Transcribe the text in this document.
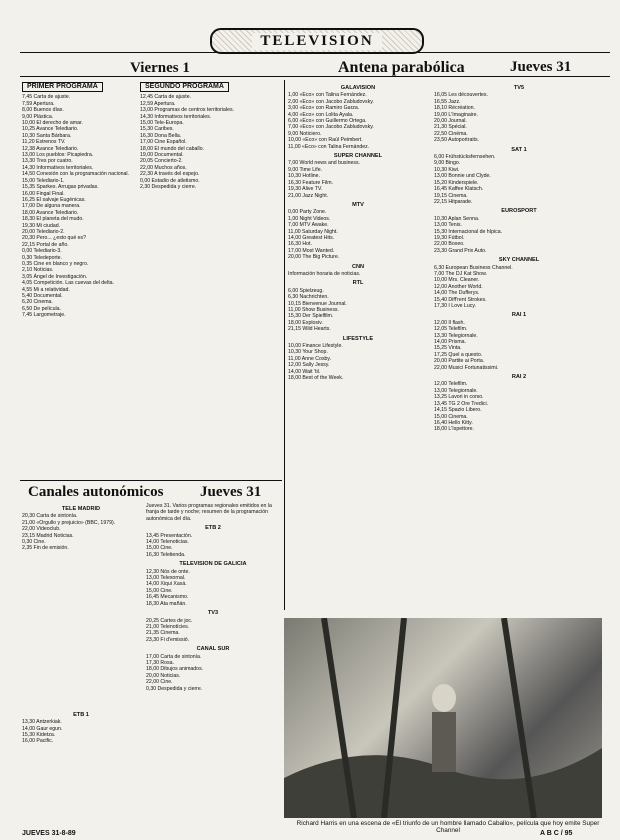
TELEVISION
Viernes 1	Antena parabólica	Jueves 31
PRIMER PROGRAMA

7,45 Carta de ajuste.

7,59 Apertura.

8,00 Buenos días.

9,00 Plástica.

10,00 El derecho de amar.

10,25 Avance Telediario.

10,30 Santa Bárbara.

11,20 Estrenos TV.

12,38 Avance Telediario.

13,00 Los pueblos: Picapiedra.

13,30 Tres por cuatro.

14,30 Informativos territoriales.

14,50 Conexión con la programación nacional.

15,00 Telediario-1.

15,35 Sparkes. Arrugas privadas.

16,00 Fingal Final.

16,25 El salvaje Eugénicas.

17,00 De alguna manera.

18,00 Avance Telediario.

18,30 El planeta del mudo.

19,30 Mi ciudad.

20,00 Telediario-2.

20,30 Pero... ¿esto qué es?

22,15 Portal de año.

0,00 Telediario-3.

0,30 Teledeporte.

0,35 Cine en blanco y negro.

2,10 Noticias.

3,05 Ángel de Investigación.

4,05 Competición. Las cuevas del delta.

4,55 Mi a relatividad.

5,40 Documental.

6,20 Cinema.

6,50 De película.

7,45 Largometraje.

SEGUNDO PROGRAMA

12,45 Carta de ajuste.

12,59 Apertura.

13,00 Programas de centros territoriales.

14,30 Informativos territoriales.

15,00 Tele-Europa.

15,30 Caribes.

16,30 Dona Bella.

17,00 Cine Español.

18,00 El mundo del caballo.

19,00 Documental.

20,05 Concierto-2.

22,00 Muchos años.

22,30 A través del espejo.

0,00 Estadio de atletismo.

2,30 Despedida y cierre.

Canales autonómicos Jueves 31
TELE MADRID

20,30 Carta de sintonía.

21,00 «Orgullo y prejuicio» (BBC, 1979).

22,00 Videoclub.

23,15 Madrid Noticias.

0,30 Cine.

2,35 Fin de emisión.

ETB 1

13,30 Antzerkiak.

14,00 Gaur egun.

15,30 Kidetza.

16,00 Pacific.

Jueves 31. Varios programas regionales emitidos en la franja de tarde y noche; resumen de la programación autonómica del día.

ETB 2

13,45 Presentación.

14,00 Telenoticias.

15,00 Cine.

16,30 Teletienda.

TELEVISION DE GALICIA

12,30 Nós de onte.

13,00 Telexornal.

14,00 Xiqui Xaxá.

15,00 Cine.

16,45 Mecanismo.

18,30 Ata mañán.

TV3

20,25 Cartes de joc.

21,00 Telenotícies.

21,35 Cinema.

23,30 Fi d'emissió.

CANAL SUR

17,00 Carta de sintonía.

17,30 Rosa.

18,00 Dibujos animados.

20,00 Noticias.

22,00 Cine.

0,30 Despedida y cierre.

GALAVISION

1,00 «Eco» con Talina Fernández.

2,00 «Eco» con Jacobo Zabludovsky.

3,00 «Eco» con Ramiro Garza.

4,00 «Eco» con Lolita Ayala.

6,00 «Eco» con Guillermo Ortega.

7,00 «Eco» con Jacobo Zabludovsky.

9,00 Noticiero.

10,00 «Eco» con Raúl Peimbert.

11,00 «Eco» con Talina Fernández.

SUPER CHANNEL

7,00 World news and business.

9,00 Time Life.

10,30 Hotline.

16,30 Feature Film.

19,30 Alive TV.

21,00 Jazz Night.

MTV

0,00 Party Zone.

1,00 Night Videos.

7,00 MTV Awake.

11,00 Saturday Night.

14,00 Greatest Hits.

16,30 Hot.

17,00 Most Wanted.

20,00 The Big Picture.

CNN

Información horaria de noticias.

RTL

6,00 Spielzeug.

6,30 Nachrichten.

10,15 Bienvenue Journal.

11,00 Show Business.

15,30 Der Spielfilm.

18,00 Explosiv.

21,15 Wild Hearts.

LIFESTYLE

10,00 Finance Lifestyle.

10,30 Your Shop.

11,00 Anne Cosby.

12,00 Sally Jessy.

14,00 Wait 'til.

18,00 Best of the Week.

TV5

16,05 Les découvertes.

16,55 Jazz.

18,10 Récréation.

19,00 L'Imaginaire.

20,00 Journal.

21,30 Spécial.

22,50 Cinéma.

23,50 Autoportraits.

SAT 1

6,00 Frühstücksfernsehen.

9,00 Bingo.

10,30 Kiwi.

13,00 Bonnie und Clyde.

15,20 Kinderspiele.

16,45 Kaffee Klatsch.

19,15 Cinema.

22,15 Hitparade.

EUROSPORT

10,30 Aplan Senna.

13,00 Tenis.

15,30 Internacional de hípica.

19,30 Fútbol.

22,00 Boxeo.

23,30 Grand Prix Auto.

SKY CHANNEL

6,30 European Business Channel.

7,00 The DJ Kat Show.

10,00 Mrs. Cleaner.

12,00 Another World.

14,00 The Dufferys.

15,40 Diff'rent Strokes.

17,30 I Love Lucy.

RAI 1

12,00 Il flash.

12,05 Telefilm.

13,30 Telegiornale.

14,00 Prisma.

15,25 Vinta.

17,25 Quel a questo.

20,00 Partite ai Porta.

22,00 Musici Fortunatissimi.

RAI 2

12,00 Telefilm.

13,00 Telegiornale.

13,25 Lavori in corso.

13,45 TG 2 Ore Tredici.

14,15 Spazio Libero.

15,00 Cinema.

16,40 Hello Kitty.

18,00 L'Ispettore.

Richard Harris en una escena de «El triunfo de un hombre llamado Caballo», película que hoy emite Super Channel
JUEVES 31-8-89	A B C / 95
